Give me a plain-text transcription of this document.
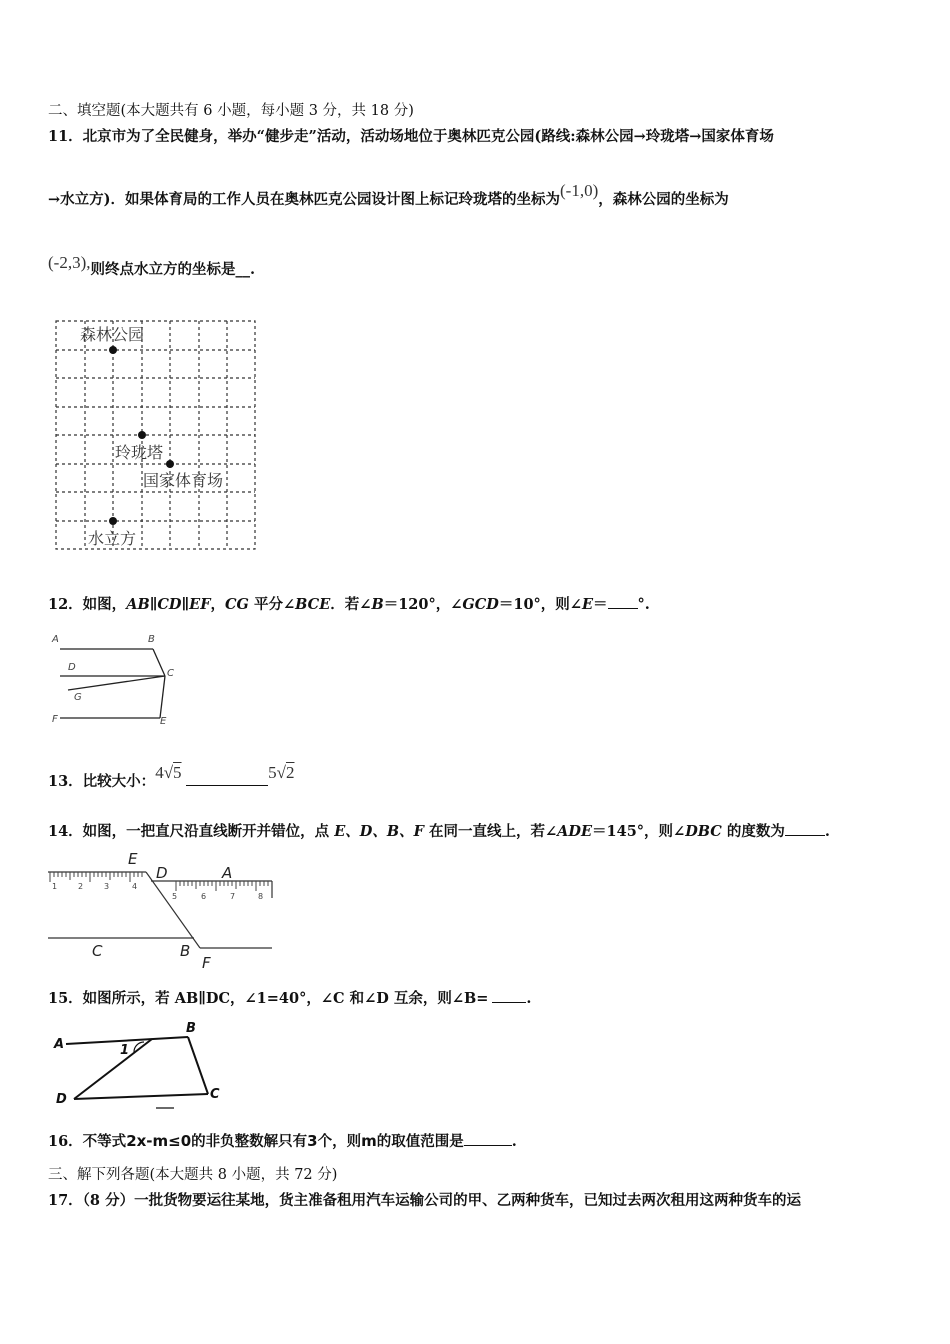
二、填空题(本大题共有 6 小题，每小题 3 分，共 18 分)
11．北京市为了全民健身，举办“健步走”活动，活动场地位于奥林匹克公园(路线:森林公园→玲珑塔→国家体育场
→水立方)．如果体育局的工作人员在奥林匹克公园设计图上标记玲珑塔的坐标为(-1,0)，森林公园的坐标为
(-2,3),则终点水立方的坐标是__.
森林公园
玲珑塔
国家体育场
水立方
12．如图，AB∥CD∥EF，CG 平分∠BCE．若∠B＝120°，∠GCD＝10°，则∠E＝ °.
A	B
D
C
G
F	E
13．比较大小：4√5	5√2
14．如图，一把直尺沿直线断开并错位，点 E、D、B、F 在同一直线上，若∠ADE＝145°，则∠DBC 的度数为	.
1	2	3	4
5	6	7	8
E
D	A
C	B
F
15．如图所示，若 AB∥DC，∠1=40°，∠C 和∠D 互余，则∠B=	.
A
B
1
D	C
16．不等式2x-m≤0的非负整数解只有3个，则m的取值范围是	.
三、解下列各题(本大题共 8 小题，共 72 分)
17．（8 分）一批货物要运往某地，货主准备租用汽车运输公司的甲、乙两种货车，已知过去两次租用这两种货车的运
